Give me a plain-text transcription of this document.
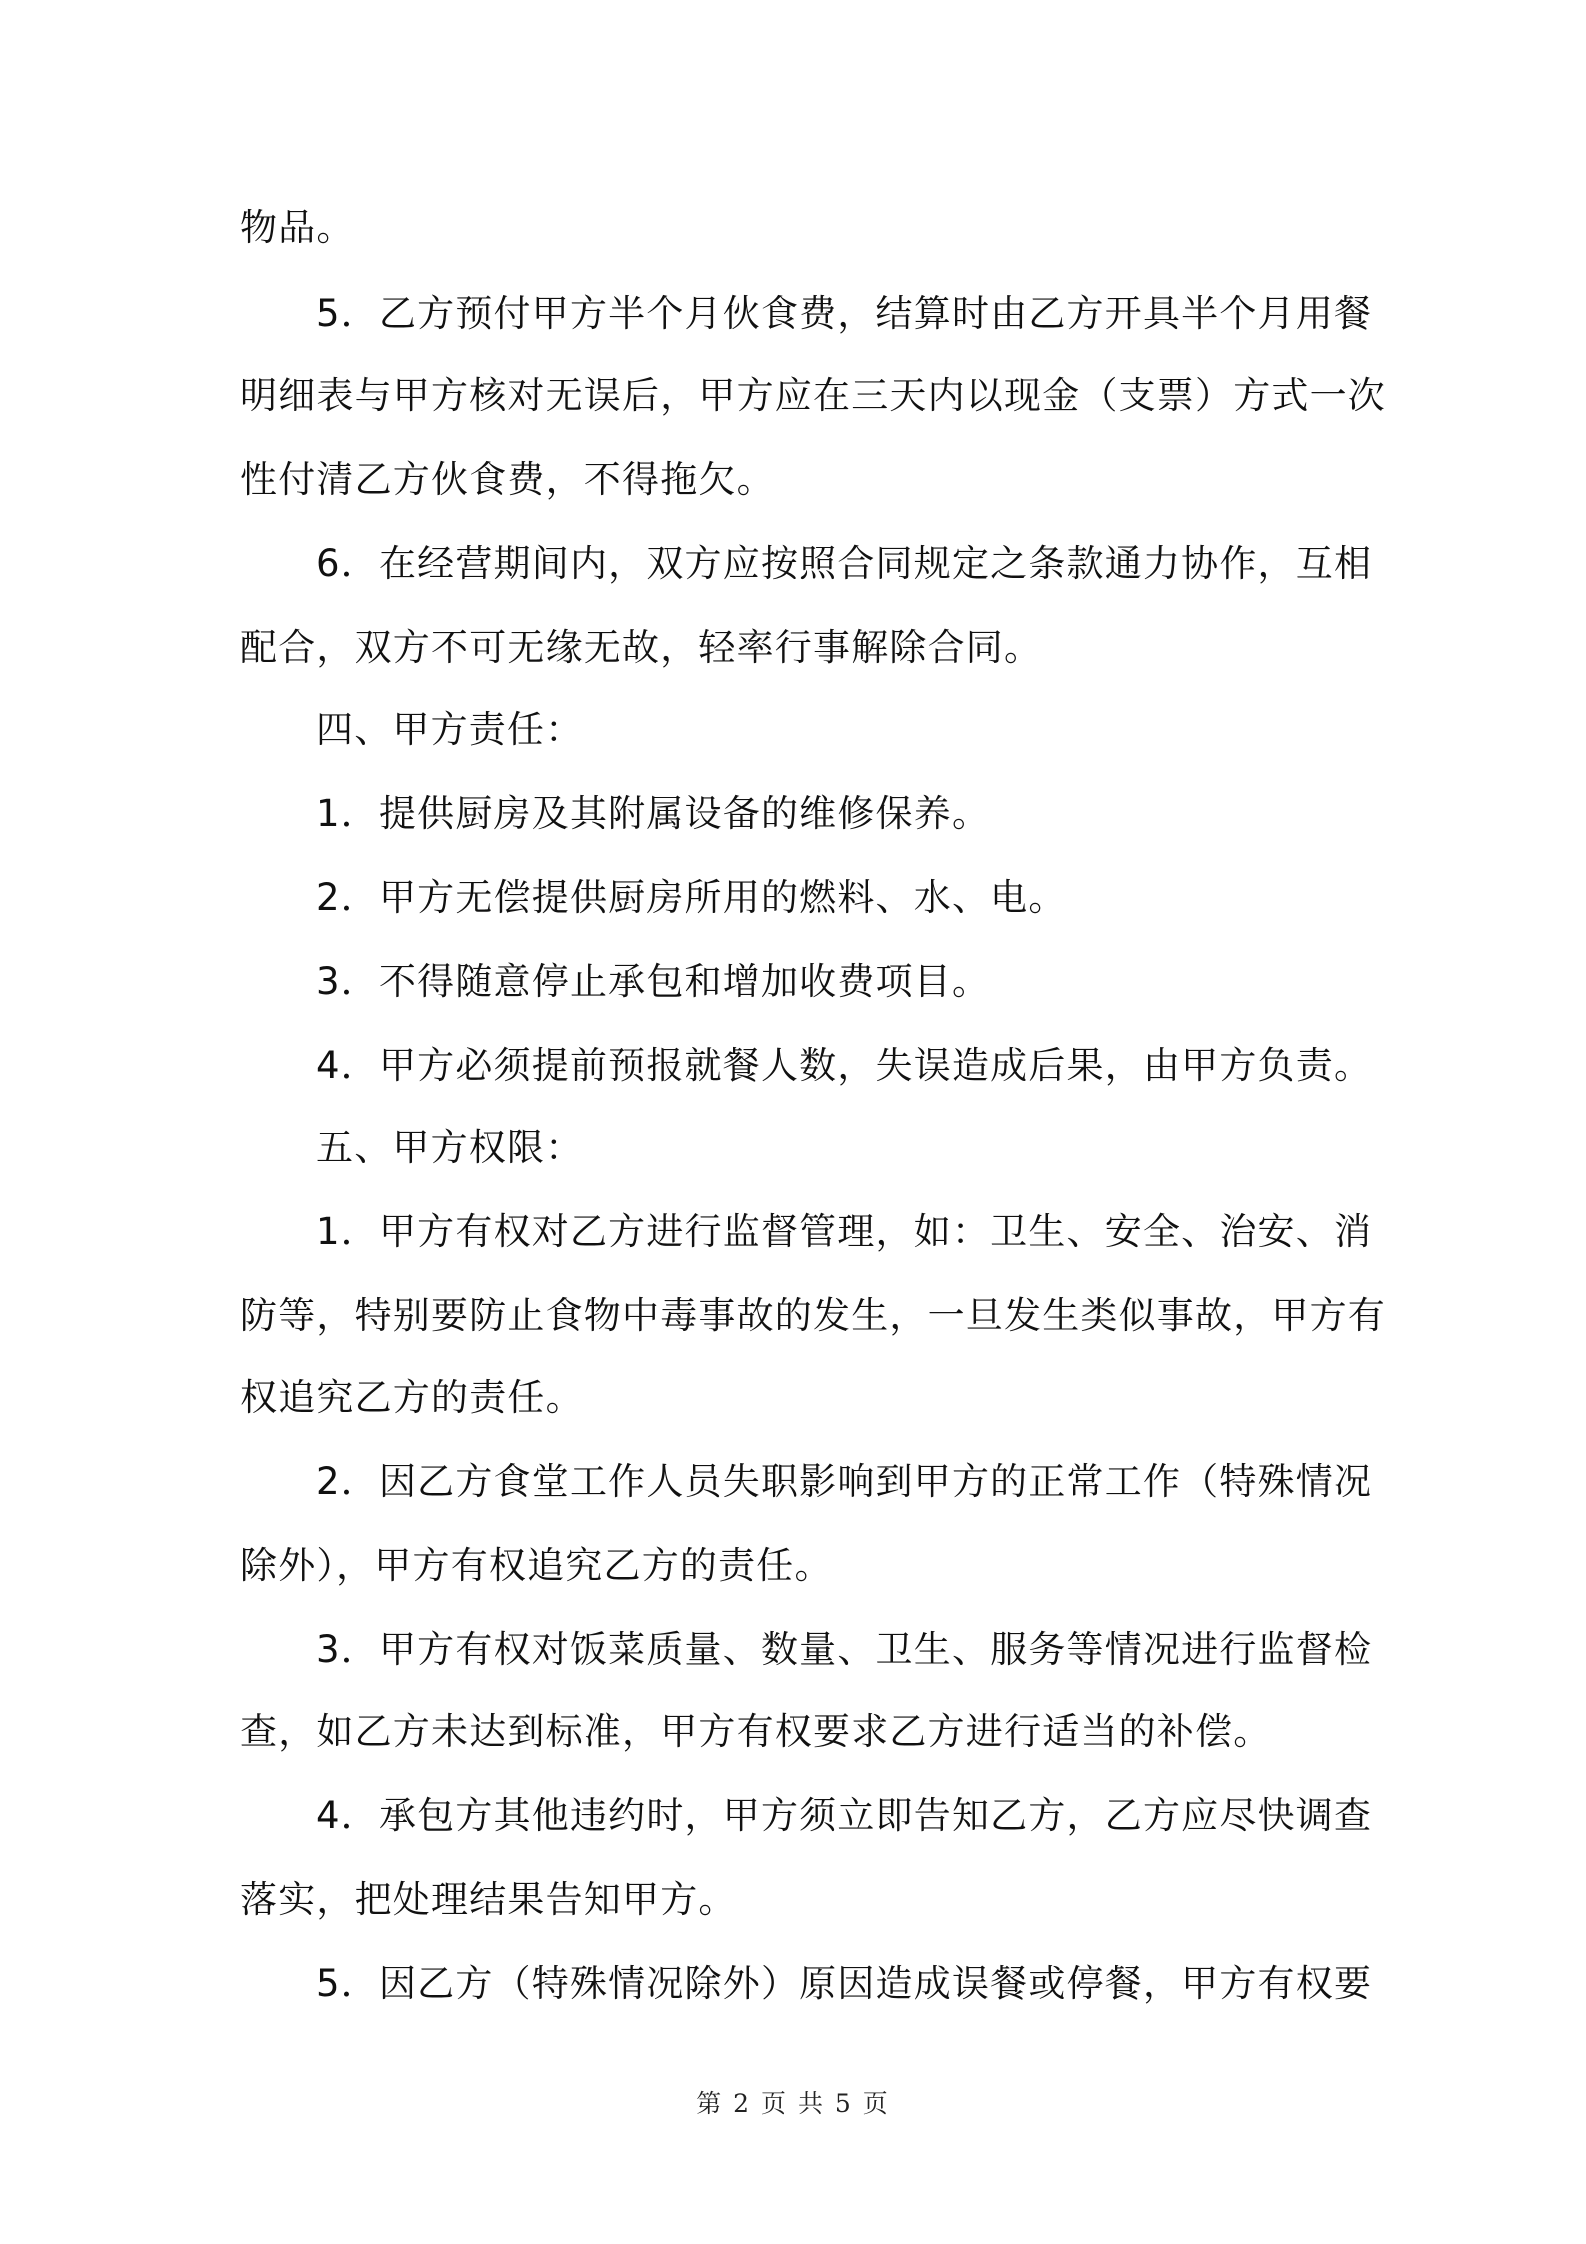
物品。
5．乙方预付甲方半个月伙食费，结算时由乙方开具半个月用餐
明细表与甲方核对无误后，甲方应在三天内以现金（支票）方式一次
性付清乙方伙食费，不得拖欠。
6．在经营期间内，双方应按照合同规定之条款通力协作，互相
配合，双方不可无缘无故，轻率行事解除合同。
四、甲方责任：
1．提供厨房及其附属设备的维修保养。
2．甲方无偿提供厨房所用的燃料、水、电。
3．不得随意停止承包和增加收费项目。
4．甲方必须提前预报就餐人数，失误造成后果，由甲方负责。
五、甲方权限：
1．甲方有权对乙方进行监督管理，如：卫生、安全、治安、消
防等，特别要防止食物中毒事故的发生，一旦发生类似事故，甲方有
权追究乙方的责任。
2．因乙方食堂工作人员失职影响到甲方的正常工作（特殊情况
除外），甲方有权追究乙方的责任。
3．甲方有权对饭菜质量、数量、卫生、服务等情况进行监督检
查，如乙方未达到标准，甲方有权要求乙方进行适当的补偿。
4．承包方其他违约时，甲方须立即告知乙方，乙方应尽快调查
落实，把处理结果告知甲方。
5．因乙方（特殊情况除外）原因造成误餐或停餐，甲方有权要
第 2 页 共 5 页
